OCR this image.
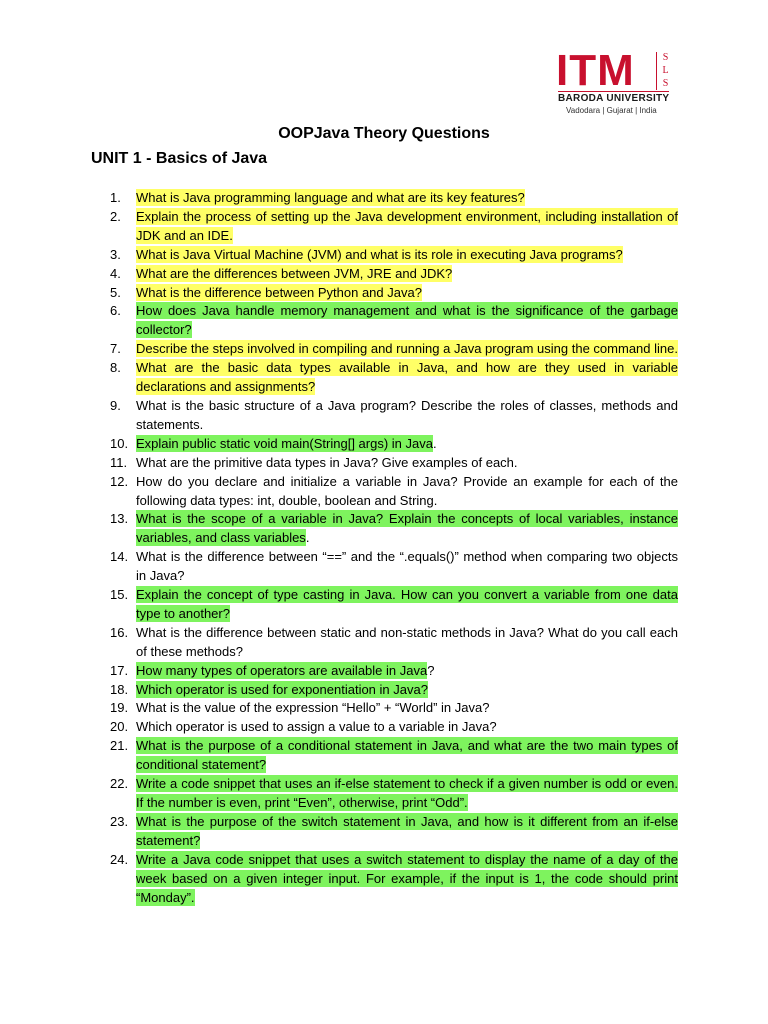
ITM	S
L
S
BARODA UNIVERSITY
Vadodara | Gujarat | India
OOPJava Theory Questions
UNIT 1 - Basics of Java
1.	What is Java programming language and what are its key features?
2.	Explain the process of setting up the Java development environment, including installation of JDK and an IDE.
3.	What is Java Virtual Machine (JVM) and what is its role in executing Java programs?
4.	What are the differences between JVM, JRE and JDK?
5.	What is the difference between Python and Java?
6.	How does Java handle memory management and what is the significance of the garbage collector?
7.	Describe the steps involved in compiling and running a Java program using the command line.
8.	What are the basic data types available in Java, and how are they used in variable declarations and assignments?
9.	What is the basic structure of a Java program? Describe the roles of classes, methods and statements.
10. Explain public static void main(String[] args) in Java.
11. What are the primitive data types in Java? Give examples of each.
12. How do you declare and initialize a variable in Java? Provide an example for each of the following data types: int, double, boolean and String.
13. What is the scope of a variable in Java? Explain the concepts of local variables, instance variables, and class variables.
14. What is the difference between “==” and the “.equals()” method when comparing two objects in Java?
15. Explain the concept of type casting in Java. How can you convert a variable from one data type to another?
16. What is the difference between static and non-static methods in Java? What do you call each of these methods?
17. How many types of operators are available in Java?
18. Which operator is used for exponentiation in Java?
19. What is the value of the expression “Hello” + “World” in Java?
20. Which operator is used to assign a value to a variable in Java?
21. What is the purpose of a conditional statement in Java, and what are the two main types of conditional statement?
22. Write a code snippet that uses an if-else statement to check if a given number is odd or even. If the number is even, print “Even”, otherwise, print “Odd”.
23. What is the purpose of the switch statement in Java, and how is it different from an if-else statement?
24. Write a Java code snippet that uses a switch statement to display the name of a day of the week based on a given integer input. For example, if the input is 1, the code should print “Monday”.
